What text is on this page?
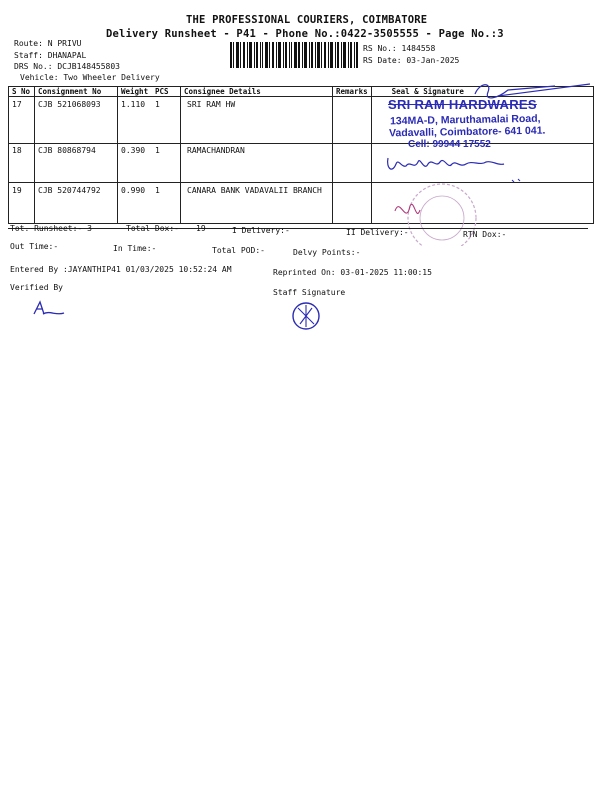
THE PROFESSIONAL COURIERS, COIMBATORE
Delivery Runsheet - P41 - Phone No.:0422-3505555 - Page No.:3
Route: N PRIVU
Staff: DHANAPAL
DRS No.: DCJB148455803
Vehicle: Two Wheeler Delivery
RS No.: 1484558
RS Date: 03-Jan-2025
S No	Consignment No	Weight	PCS	Consignee Details	Remarks	Seal & Signature
17	CJB 521068093	1.110	1	SRI RAM HW		
18	CJB 80868794	0.390	1	RAMACHANDRAN		
19	CJB 520744792	0.990	1	CANARA BANK VADAVALII BRANCH		
SRI RAM HARDWARES
134MA-D, Maruthamalai Road,
Vadavalli, Coimbatore- 641 041.
Cell: 99944 17552
Tot. Runsheet:- 3	Total Dox:- 19	I Delivery:-	II Delivery:-	RTN Dox:-
Out Time:-	In Time:-	Total POD:-	Delvy Points:-
Entered By :JAYANTHIP41 01/03/2025 10:52:24 AM	Reprinted On: 03-01-2025 11:00:15
Verified By
Staff Signature
